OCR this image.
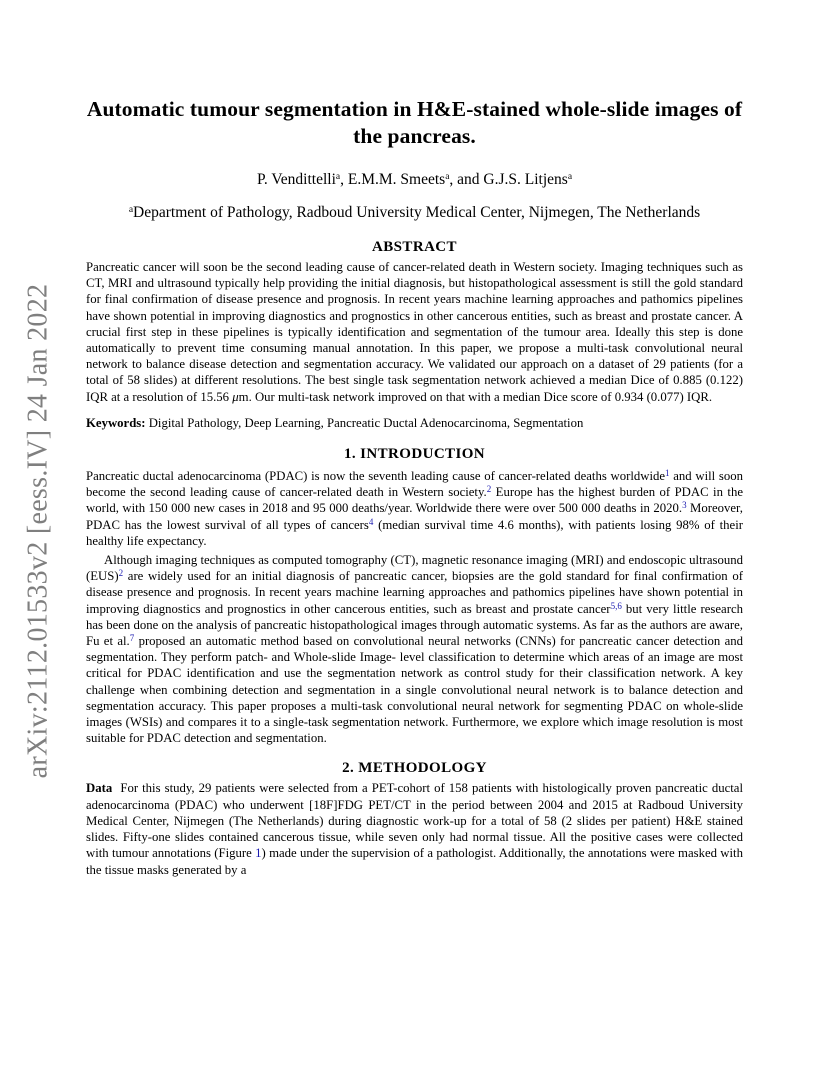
arXiv:2112.01533v2 [eess.IV] 24 Jan 2022
Automatic tumour segmentation in H&E-stained whole-slide images of the pancreas.
P. Vendittelli$^a$, E.M.M. Smeets$^a$, and G.J.S. Litjens$^a$
$^a$Department of Pathology, Radboud University Medical Center, Nijmegen, The Netherlands
ABSTRACT

Pancreatic cancer will soon be the second leading cause of cancer-related death in Western society. Imaging techniques such as CT, MRI and ultrasound typically help providing the initial diagnosis, but histopathological assessment is still the gold standard for final confirmation of disease presence and prognosis. In recent years machine learning approaches and pathomics pipelines have shown potential in improving diagnostics and prognostics in other cancerous entities, such as breast and prostate cancer. A crucial first step in these pipelines is typically identification and segmentation of the tumour area. Ideally this step is done automatically to prevent time consuming manual annotation. In this paper, we propose a multi-task convolutional neural network to balance disease detection and segmentation accuracy. We validated our approach on a dataset of 29 patients (for a total of 58 slides) at different resolutions. The best single task segmentation network achieved a median Dice of 0.885 (0.122) IQR at a resolution of 15.56 μm. Our multi-task network improved on that with a median Dice score of 0.934 (0.077) IQR.

Keywords: Digital Pathology, Deep Learning, Pancreatic Ductal Adenocarcinoma, Segmentation

1. INTRODUCTION

Pancreatic ductal adenocarcinoma (PDAC) is now the seventh leading cause of cancer-related deaths worldwide$^1$ and will soon become the second leading cause of cancer-related death in Western society.$^2$ Europe has the highest burden of PDAC in the world, with 150 000 new cases in 2018 and 95 000 deaths/year. Worldwide there were over 500 000 deaths in 2020.$^3$ Moreover, PDAC has the lowest survival of all types of cancers$^4$ (median survival time 4.6 months), with patients losing 98% of their healthy life expectancy.

Although imaging techniques as computed tomography (CT), magnetic resonance imaging (MRI) and endoscopic ultrasound (EUS)$^2$ are widely used for an initial diagnosis of pancreatic cancer, biopsies are the gold standard for final confirmation of disease presence and prognosis. In recent years machine learning approaches and pathomics pipelines have shown potential in improving diagnostics and prognostics in other cancerous entities, such as breast and prostate cancer$^{5,6}$ but very little research has been done on the analysis of pancreatic histopathological images through automatic systems. As far as the authors are aware, Fu et al.$^7$ proposed an automatic method based on convolutional neural networks (CNNs) for pancreatic cancer detection and segmentation. They perform patch- and Whole-slide Image- level classification to determine which areas of an image are most critical for PDAC identification and use the segmentation network as control study for their classification network. A key challenge when combining detection and segmentation in a single convolutional neural network is to balance detection and segmentation accuracy. This paper proposes a multi-task convolutional neural network for segmenting PDAC on whole-slide images (WSIs) and compares it to a single-task segmentation network. Furthermore, we explore which image resolution is most suitable for PDAC detection and segmentation.

2. METHODOLOGY

Data  For this study, 29 patients were selected from a PET-cohort of 158 patients with histologically proven pancreatic ductal adenocarcinoma (PDAC) who underwent [18F]FDG PET/CT in the period between 2004 and 2015 at Radboud University Medical Center, Nijmegen (The Netherlands) during diagnostic work-up for a total of 58 (2 slides per patient) H&E stained slides. Fifty-one slides contained cancerous tissue, while seven only had normal tissue. All the positive cases were collected with tumour annotations (Figure 1) made under the supervision of a pathologist. Additionally, the annotations were masked with the tissue masks generated by a
